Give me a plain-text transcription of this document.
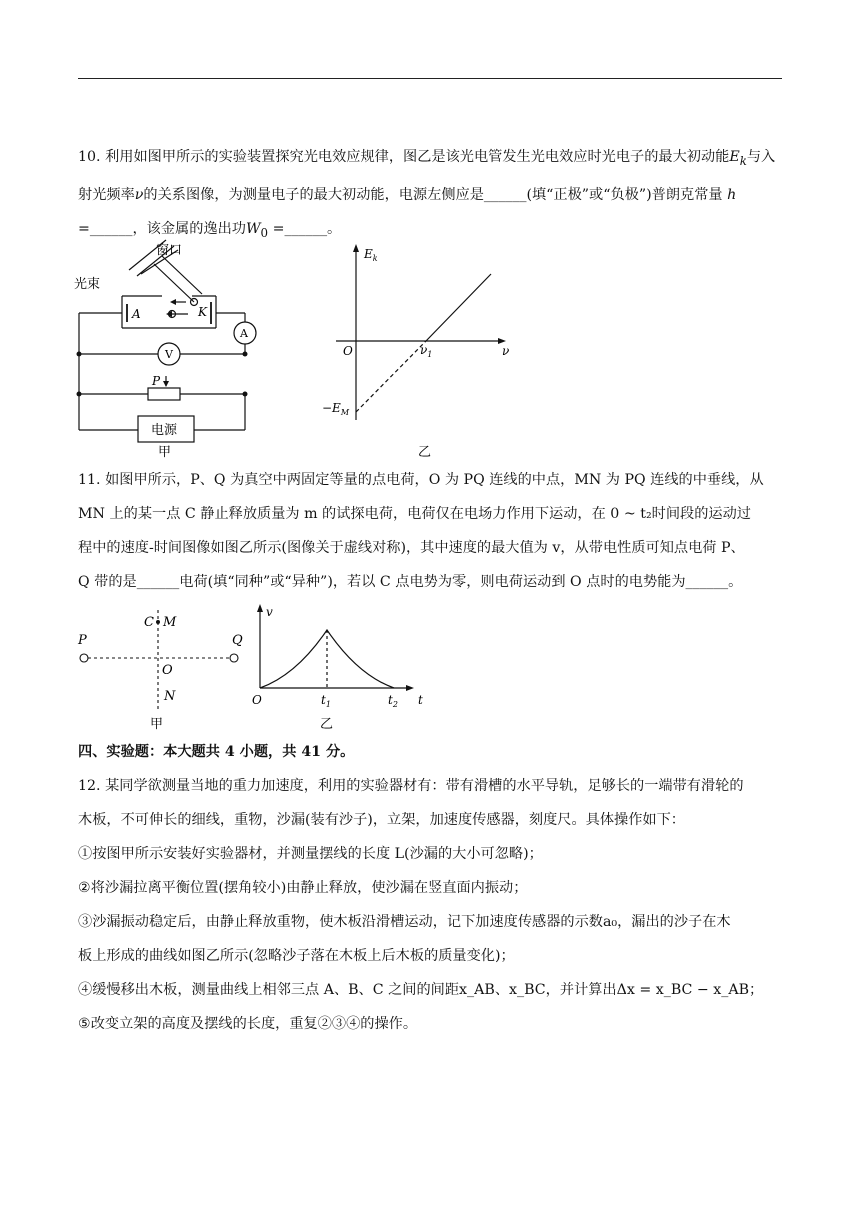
10. 利用如图甲所示的实验装置探究光电效应规律，图乙是该光电管发生光电效应时光电子的最大初动能$E_k$与入射光频率ν的关系图像，为测量电子的最大初动能，电源左侧应是______(填“正极”或“负极”)普朗克常量 h =______，该金属的逸出功$W_0$ =______。

窗口
光束
A	K
A
V
P
电源
甲
$E_k$
O	$\nu_1$	ν
$-E_M$
乙

11. 如图甲所示，P、Q 为真空中两固定等量的点电荷，O 为 PQ 连线的中点，MN 为 PQ 连线的中垂线，从
MN 上的某一点 C 静止释放质量为 m 的试探电荷，电荷仅在电场力作用下运动，在 0 ~ t₂时间段的运动过
程中的速度-时间图像如图乙所示(图像关于虚线对称)，其中速度的最大值为 v，从带电性质可知点电荷 P、
Q 带的是______电荷(填“同种”或“异种”)，若以 C 点电势为零，则电荷运动到 O 点时的电势能为______。

P	Q
C M
O
N
甲
v
O	$t_1$	$t_2$ t
乙

四、实验题：本大题共 4 小题，共 41 分。

12. 某同学欲测量当地的重力加速度，利用的实验器材有：带有滑槽的水平导轨，足够长的一端带有滑轮的
木板，不可伸长的细线，重物，沙漏(装有沙子)，立架，加速度传感器，刻度尺。具体操作如下：
①按图甲所示安装好实验器材，并测量摆线的长度 L(沙漏的大小可忽略)；
②将沙漏拉离平衡位置(摆角较小)由静止释放，使沙漏在竖直面内振动；
③沙漏振动稳定后，由静止释放重物，使木板沿滑槽运动，记下加速度传感器的示数a₀，漏出的沙子在木
板上形成的曲线如图乙所示(忽略沙子落在木板上后木板的质量变化)；
④缓慢移出木板，测量曲线上相邻三点 A、B、C 之间的间距x_AB、x_BC，并计算出Δx = x_BC − x_AB；
⑤改变立架的高度及摆线的长度，重复②③④的操作。
